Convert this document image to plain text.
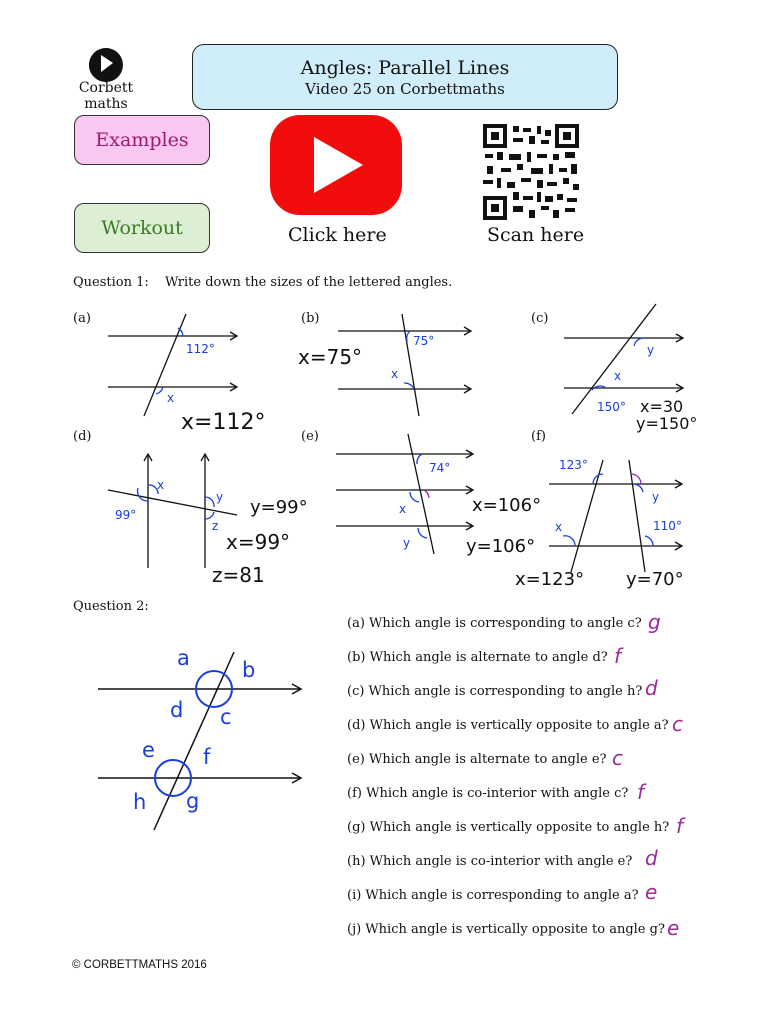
Corbett
maths
Angles: Parallel Lines
Video 25 on Corbettmaths
Examples
Workout	Click here	Scan here
Question 1: Write down the sizes of the lettered angles.
(a)	(b)	(c)
(d)	(e)	(f)
112°
x
x=112°
75°
x
x=75°	y
x
150° x=30
y=150°
99°
x
y
z
y=99°
x=99°
z=81
74°
x
y
x=106°
y=106°
123°
y
x	110°
x=123° y=70°
Question 2:
a b
d c
e f
h g
(a) Which angle is corresponding to angle c? g
(b) Which angle is alternate to angle d? f
(c) Which angle is corresponding to angle h? d
(d) Which angle is vertically opposite to angle a? c
(e) Which angle is alternate to angle e? c
(f) Which angle is co-interior with angle c? f
(g) Which angle is vertically opposite to angle h? f
(h) Which angle is co-interior with angle e? d
(i) Which angle is corresponding to angle a? e
(j) Which angle is vertically opposite to angle g? e
© CORBETTMATHS 2016
